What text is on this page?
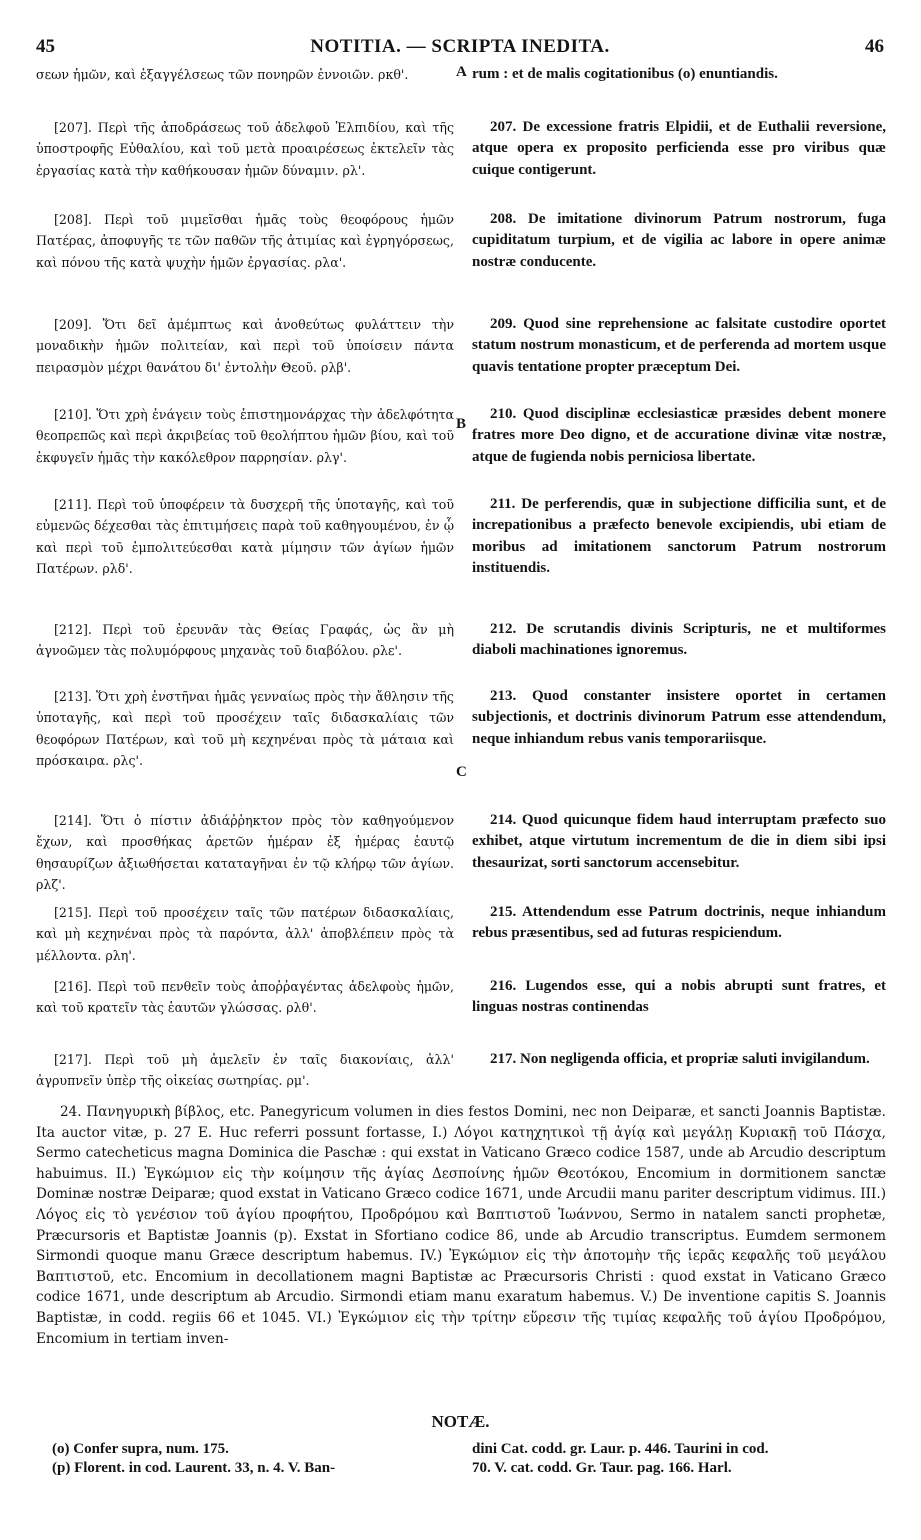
45	NOTITIA. — SCRIPTA INEDITA.	46
σεων ἡμῶν, καὶ ἐξαγγέλσεως τῶν πονηρῶν ἐννοιῶν. ρκθ'.
[207]. Περὶ τῆς ἀποδράσεως τοῦ ἀδελφοῦ Ἐλπιδίου, καὶ τῆς ὑποστροφῆς Εὐθαλίου, καὶ τοῦ μετὰ προαιρέσεως ἐκτελεῖν τὰς ἐργασίας κατὰ τὴν καθήκουσαν ἡμῶν δύναμιν. ρλ'.
[208]. Περὶ τοῦ μιμεῖσθαι ἡμᾶς τοὺς θεοφόρους ἡμῶν Πατέρας, ἀποφυγῆς τε τῶν παθῶν τῆς ἀτιμίας καὶ ἐγρηγόρσεως, καὶ πόνου τῆς κατὰ ψυχὴν ἡμῶν ἐργασίας. ρλα'.
[209]. Ὅτι δεῖ ἀμέμπτως καὶ ἀνοθεύτως φυλάττειν τὴν μοναδικὴν ἡμῶν πολιτείαν, καὶ περὶ τοῦ ὑποίσειν πάντα πειρασμὸν μέχρι θανάτου δι' ἐντολὴν Θεοῦ. ρλβ'.
[210]. Ὅτι χρὴ ἐνάγειν τοὺς ἐπιστημονάρχας τὴν ἀδελφότητα θεοπρεπῶς καὶ περὶ ἀκριβείας τοῦ θεολήπτου ἡμῶν βίου, καὶ τοῦ ἐκφυγεῖν ἡμᾶς τὴν κακόλεθρον παρρησίαν. ρλγ'.
[211]. Περὶ τοῦ ὑποφέρειν τὰ δυσχερῆ τῆς ὑποταγῆς, καὶ τοῦ εὐμενῶς δέχεσθαι τὰς ἐπιτιμήσεις παρὰ τοῦ καθηγουμένου, ἐν ᾧ καὶ περὶ τοῦ ἐμπολιτεύεσθαι κατὰ μίμησιν τῶν ἁγίων ἡμῶν Πατέρων. ρλδ'.
[212]. Περὶ τοῦ ἐρευνᾶν τὰς Θείας Γραφάς, ὡς ἂν μὴ ἀγνοῶμεν τὰς πολυμόρφους μηχανὰς τοῦ διαβόλου. ρλε'.
[213]. Ὅτι χρὴ ἐνστῆναι ἡμᾶς γενναίως πρὸς τὴν ἄθλησιν τῆς ὑποταγῆς, καὶ περὶ τοῦ προσέχειν ταῖς διδασκαλίαις τῶν θεοφόρων Πατέρων, καὶ τοῦ μὴ κεχηνέναι πρὸς τὰ μάταια καὶ πρόσκαιρα. ρλς'.
[214]. Ὅτι ὁ πίστιν ἀδιάῤῥηκτον πρὸς τὸν καθηγούμενον ἔχων, καὶ προσθήκας ἀρετῶν ἡμέραν ἐξ ἡμέρας ἑαυτῷ θησαυρίζων ἀξιωθήσεται καταταγῆναι ἐν τῷ κλήρῳ τῶν ἁγίων. ρλζ'.
[215]. Περὶ τοῦ προσέχειν ταῖς τῶν πατέρων διδασκαλίαις, καὶ μὴ κεχηνέναι πρὸς τὰ παρόντα, ἀλλ' ἀποβλέπειν πρὸς τὰ μέλλοντα. ρλη'.
[216]. Περὶ τοῦ πενθεῖν τοὺς ἀποῤῥαγέντας ἀδελφοὺς ἡμῶν, καὶ τοῦ κρατεῖν τὰς ἑαυτῶν γλώσσας. ρλθ'.
[217]. Περὶ τοῦ μὴ ἀμελεῖν ἐν ταῖς διακονίαις, ἀλλ' ἀγρυπνεῖν ὑπὲρ τῆς οἰκείας σωτηρίας. ρμ'.
A
B
C
rum : et de malis cogitationibus (o) enuntiandis.
207. De excessione fratris Elpidii, et de Euthalii reversione, atque opera ex proposito perficienda esse pro viribus quæ cuique contigerunt.
208. De imitatione divinorum Patrum nostrorum, fuga cupiditatum turpium, et de vigilia ac labore in opere animæ nostræ conducente.
209. Quod sine reprehensione ac falsitate custodire oportet statum nostrum monasticum, et de perferenda ad mortem usque quavis tentatione propter præceptum Dei.
210. Quod disciplinæ ecclesiasticæ præsides debent monere fratres more Deo digno, et de accuratione divinæ vitæ nostræ, atque de fugienda nobis perniciosa libertate.
211. De perferendis, quæ in subjectione difficilia sunt, et de increpationibus a præfecto benevole excipiendis, ubi etiam de moribus ad imitationem sanctorum Patrum nostrorum instituendis.
212. De scrutandis divinis Scripturis, ne et multiformes diaboli machinationes ignoremus.
213. Quod constanter insistere oportet in certamen subjectionis, et doctrinis divinorum Patrum esse attendendum, neque inhiandum rebus vanis temporariisque.
214. Quod quicunque fidem haud interruptam præfecto suo exhibet, atque virtutum incrementum de die in diem sibi ipsi thesaurizat, sorti sanctorum accensebitur.
215. Attendendum esse Patrum doctrinis, neque inhiandum rebus præsentibus, sed ad futuras respiciendum.
216. Lugendos esse, qui a nobis abrupti sunt fratres, et linguas nostras continendas
217. Non negligenda officia, et propriæ saluti invigilandum.
24. Πανηγυρικὴ βίβλος, etc. Panegyricum volumen in dies festos Domini, nec non Deiparæ, et sancti Joannis Baptistæ. Ita auctor vitæ, p. 27 E. Huc referri possunt fortasse, I.) Λόγοι κατηχητικοὶ τῇ ἁγίᾳ καὶ μεγάλῃ Κυριακῇ τοῦ Πάσχα, Sermo catecheticus magna Dominica die Paschæ : qui exstat in Vaticano Græco codice 1587, unde ab Arcudio descriptum habuimus. II.) Ἐγκώμιον εἰς τὴν κοίμησιν τῆς ἁγίας Δεσποίνης ἡμῶν Θεοτόκου, Encomium in dormitionem sanctæ Dominæ nostræ Deiparæ; quod exstat in Vaticano Græco codice 1671, unde Arcudii manu pariter descriptum vidimus. III.) Λόγος εἰς τὸ γενέσιον τοῦ ἁγίου προφήτου, Προδρόμου καὶ Βαπτιστοῦ Ἰωάννου, Sermo in natalem sancti prophetæ, Præcursoris et Baptistæ Joannis (p). Exstat in Sfortiano codice 86, unde ab Arcudio transcriptus. Eumdem sermonem Sirmondi quoque manu Græce descriptum habemus. IV.) Ἐγκώμιον εἰς τὴν ἀποτομὴν τῆς ἱερᾶς κεφαλῆς τοῦ μεγάλου Βαπτιστοῦ, etc. Encomium in decollationem magni Baptistæ ac Præcursoris Christi : quod exstat in Vaticano Græco codice 1671, unde descriptum ab Arcudio. Sirmondi etiam manu exaratum habemus. V.) De inventione capitis S. Joannis Baptistæ, in codd. regiis 66 et 1045. VI.) Ἐγκώμιον εἰς τὴν τρίτην εὕρεσιν τῆς τιμίας κεφαλῆς τοῦ ἁγίου Προδρόμου, Encomium in tertiam inven-
NOTÆ.
(o) Confer supra, num. 175.
(p) Florent. in cod. Laurent. 33, n. 4. V. Ban-
dini Cat. codd. gr. Laur. p. 446. Taurini in cod.
70. V. cat. codd. Gr. Taur. pag. 166. Harl.
